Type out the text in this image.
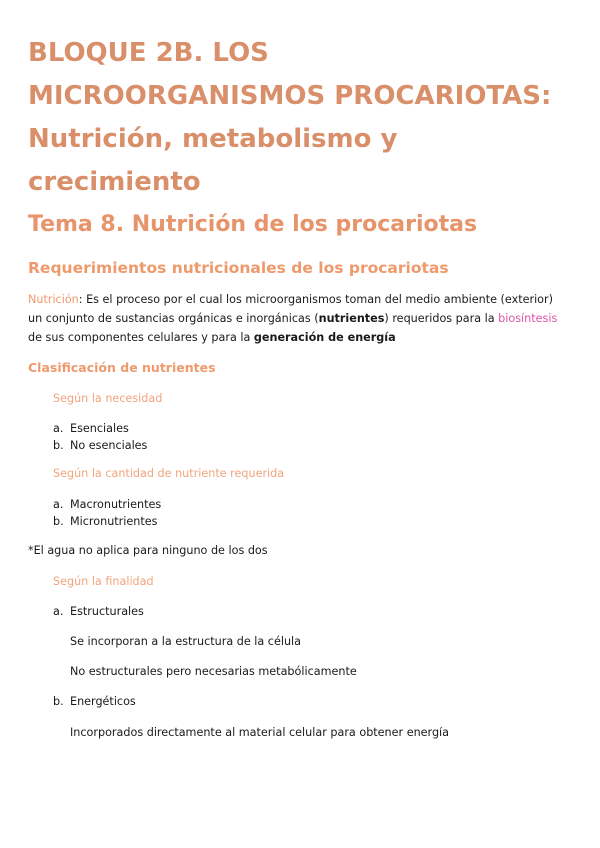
BLOQUE 2B. LOS
MICROORGANISMOS PROCARIOTAS:
Nutrición, metabolismo y
crecimiento
Tema 8. Nutrición de los procariotas
Requerimientos nutricionales de los procariotas

Nutrición: Es el proceso por el cual los microorganismos toman del medio ambiente (exterior)
un conjunto de sustancias orgánicas e inorgánicas (nutrientes) requeridos para la biosíntesis
de sus componentes celulares y para la generación de energía

Clasificación de nutrientes

Según la necesidad

a. Esenciales
b. No esenciales

Según la cantidad de nutriente requerida

a. Macronutrientes
b. Micronutrientes
*El agua no aplica para ninguno de los dos

Según la finalidad

a. Estructurales
Se incorporan a la estructura de la célula
No estructurales pero necesarias metabólicamente
b. Energéticos
Incorporados directamente al material celular para obtener energía
